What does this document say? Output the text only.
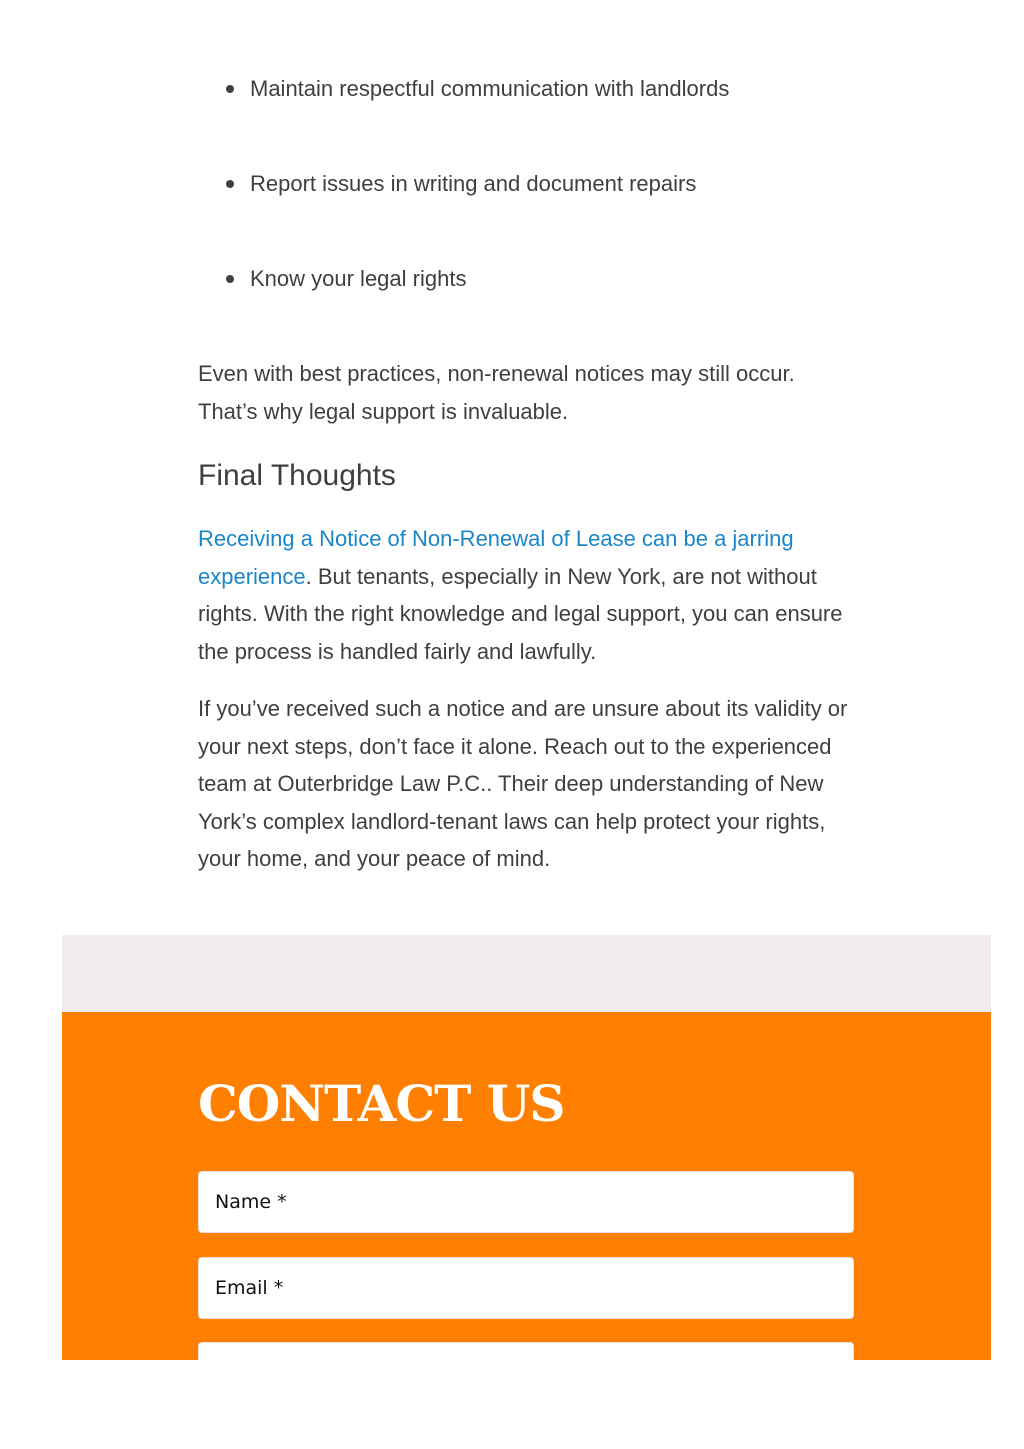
Maintain respectful communication with landlords
Report issues in writing and document repairs
Know your legal rights

Even with best practices, non-renewal notices may still occur. That’s why legal support is invaluable.

Final Thoughts

Receiving a Notice of Non-Renewal of Lease can be a jarring experience. But tenants, especially in New York, are not without rights. With the right knowledge and legal support, you can ensure the process is handled fairly and lawfully.

If you’ve received such a notice and are unsure about its validity or your next steps, don’t face it alone. Reach out to the experienced team at Outerbridge Law P.C.. Their deep understanding of New York’s complex landlord-tenant laws can help protect your rights, your home, and your peace of mind.

CONTACT US
Name *
Email *
